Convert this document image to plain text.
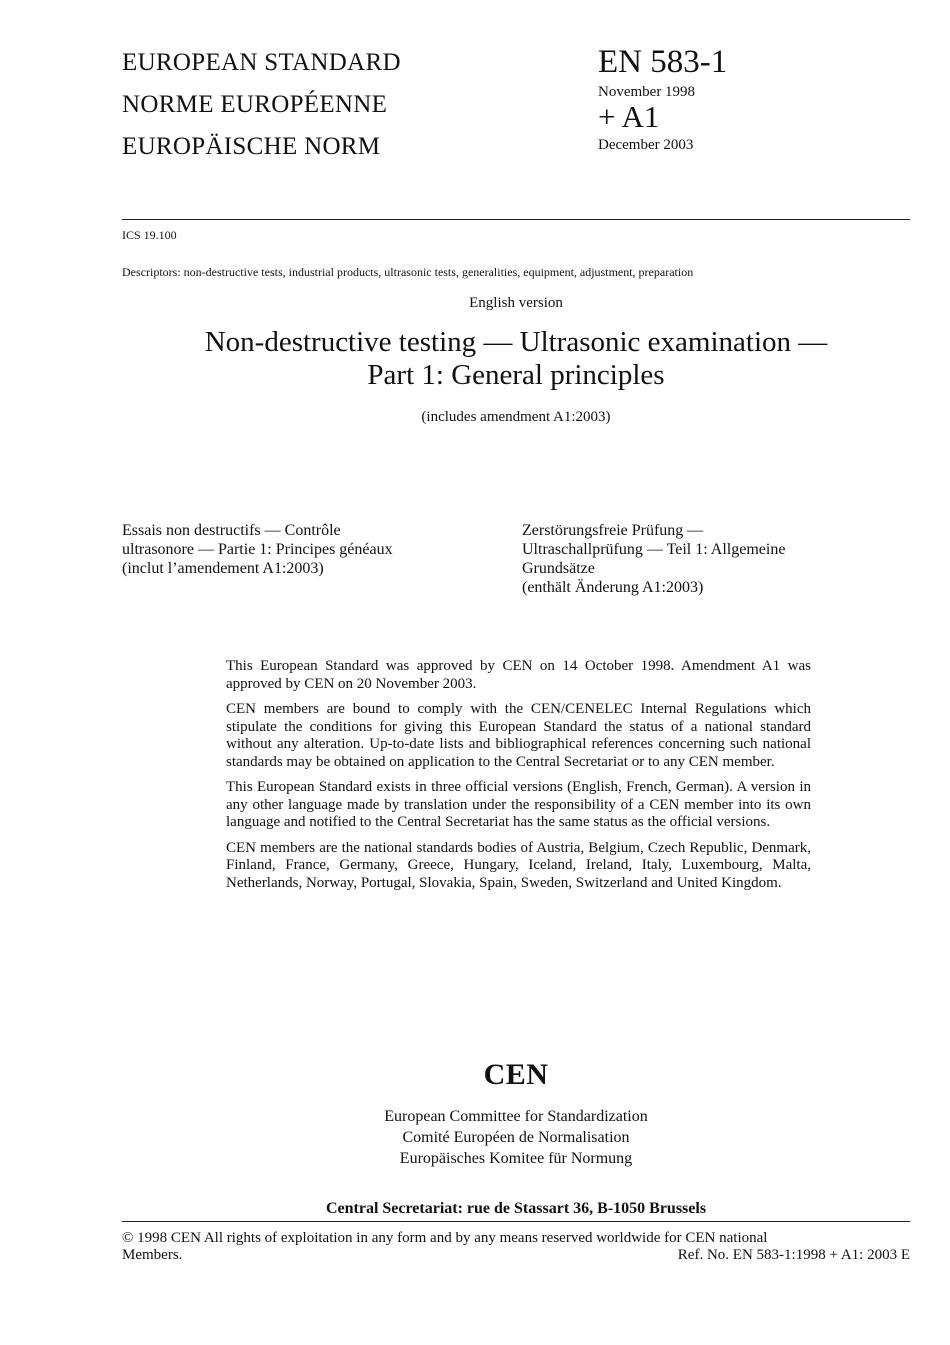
EUROPEAN STANDARD
NORME EUROPÉENNE
EUROPÄISCHE NORM
EN 583-1
November 1998
+ A1
December 2003
ICS 19.100
Descriptors: non-destructive tests, industrial products, ultrasonic tests, generalities, equipment, adjustment, preparation
English version
Non-destructive testing — Ultrasonic examination —
Part 1: General principles
(includes amendment A1:2003)
Essais non destructifs — Contrôle
ultrasonore — Partie 1: Principes généaux
(inclut l’amendement A1:2003)
Zerstörungsfreie Prüfung —
Ultraschallprüfung — Teil 1: Allgemeine
Grundsätze
(enthält Änderung A1:2003)

This European Standard was approved by CEN on 14 October 1998. Amendment A1 was approved by CEN on 20 November 2003.

CEN members are bound to comply with the CEN/CENELEC Internal Regulations which stipulate the conditions for giving this European Standard the status of a national standard without any alteration. Up-to-date lists and bibliographical references concerning such national standards may be obtained on application to the Central Secretariat or to any CEN member.

This European Standard exists in three official versions (English, French, German). A version in any other language made by translation under the responsibility of a CEN member into its own language and notified to the Central Secretariat has the same status as the official versions.

CEN members are the national standards bodies of Austria, Belgium, Czech Republic, Denmark, Finland, France, Germany, Greece, Hungary, Iceland, Ireland, Italy, Luxembourg, Malta, Netherlands, Norway, Portugal, Slovakia, Spain, Sweden, Switzerland and United Kingdom.

CEN
European Committee for Standardization
Comité Européen de Normalisation
Europäisches Komitee für Normung
Central Secretariat: rue de Stassart 36, B-1050 Brussels
© 1998 CEN All rights of exploitation in any form and by any means reserved worldwide for CEN national
Members.	Ref. No. EN 583-1:1998 + A1: 2003 E
